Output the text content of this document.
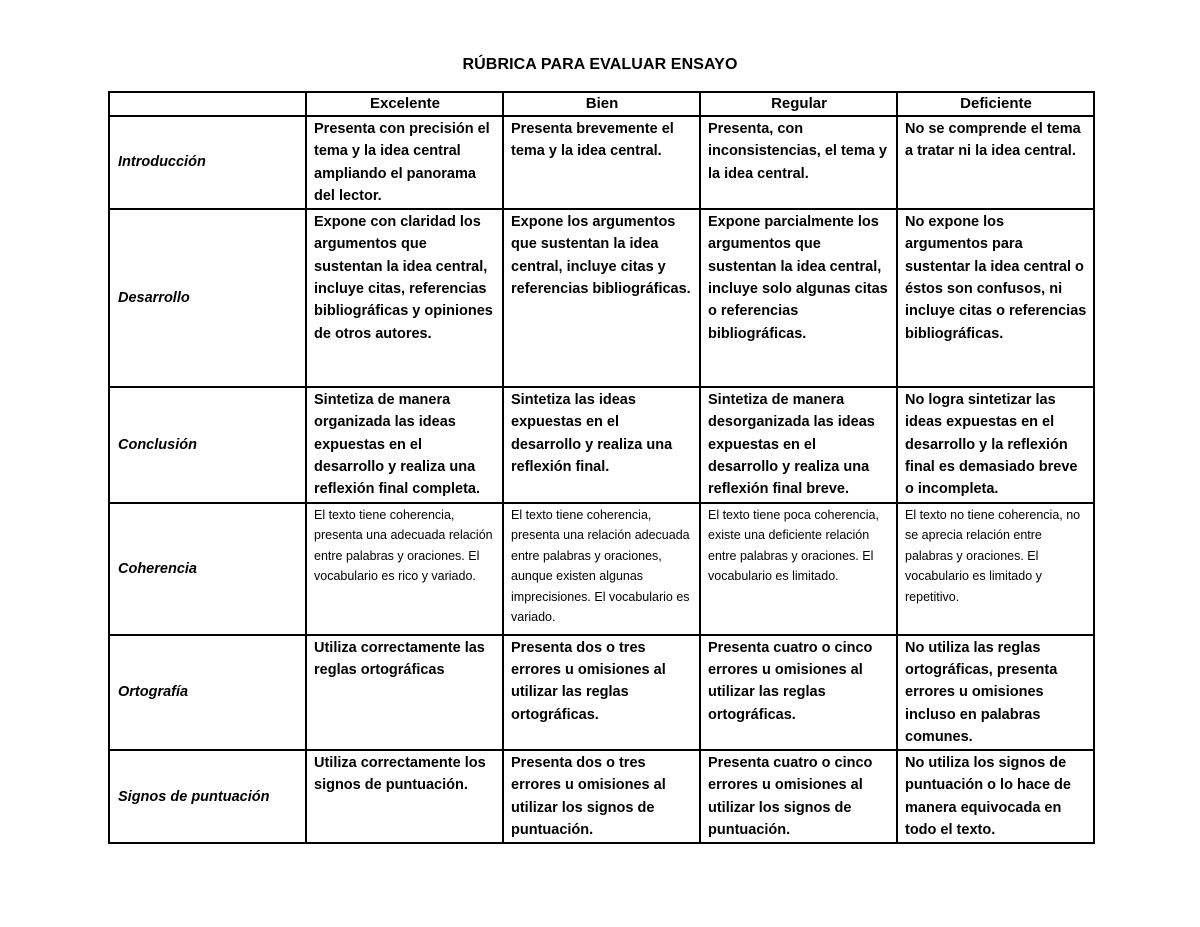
RÚBRICA PARA EVALUAR ENSAYO
	Excelente	Bien	Regular	Deficiente
Introducción	Presenta con precisión el tema y la idea central ampliando el panorama del lector.	Presenta brevemente el tema y la idea central.	Presenta, con inconsistencias, el tema y la idea central.	No se comprende el tema a tratar ni la idea central.
Desarrollo	Expone con claridad los argumentos que sustentan la idea central, incluye citas, referencias bibliográficas y opiniones de otros autores.	Expone los argumentos que sustentan la idea central, incluye citas y referencias bibliográficas.	Expone parcialmente los argumentos que sustentan la idea central, incluye solo algunas citas o referencias bibliográficas.	No expone los argumentos para sustentar la idea central o éstos son confusos, ni incluye citas o referencias bibliográficas.
Conclusión	Sintetiza de manera organizada las ideas expuestas en el desarrollo y realiza una reflexión final completa.	Sintetiza las ideas expuestas en el desarrollo y realiza una reflexión final.	Sintetiza de manera desorganizada las ideas expuestas en el desarrollo y realiza una reflexión final breve.	No logra sintetizar las ideas expuestas en el desarrollo y la reflexión final es demasiado breve o incompleta.
Coherencia	El texto tiene coherencia, presenta una adecuada relación entre palabras y oraciones. El vocabulario es rico y variado.	El texto tiene coherencia, presenta una relación adecuada entre palabras y oraciones, aunque existen algunas imprecisiones. El vocabulario es variado.	El texto tiene poca coherencia, existe una deficiente relación entre palabras y oraciones. El vocabulario es limitado.	El texto no tiene coherencia, no se aprecia relación entre palabras y oraciones. El vocabulario es limitado y repetitivo.
Ortografía	Utiliza correctamente las reglas ortográficas	Presenta dos o tres errores u omisiones al utilizar las reglas ortográficas.	Presenta cuatro o cinco errores u omisiones al utilizar las reglas ortográficas.	No utiliza las reglas ortográficas, presenta errores u omisiones incluso en palabras comunes.
Signos de puntuación	Utiliza correctamente los signos de puntuación.	Presenta dos o tres errores u omisiones al utilizar los signos de puntuación.	Presenta cuatro o cinco errores u omisiones al utilizar los signos de puntuación.	No utiliza los signos de puntuación o lo hace de manera equivocada en todo el texto.
